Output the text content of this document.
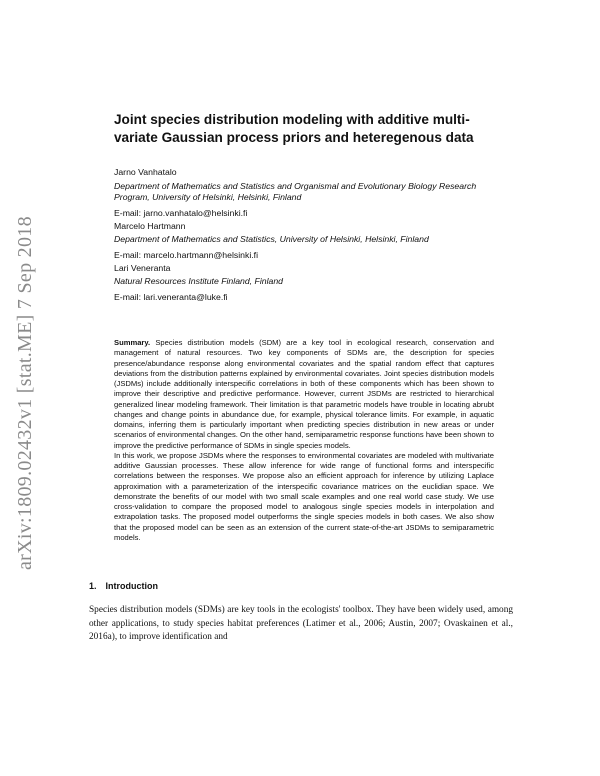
arXiv:1809.02432v1 [stat.ME] 7 Sep 2018
Joint species distribution modeling with additive multi-
variate Gaussian process priors and heteregenous data
Jarno Vanhatalo
Department of Mathematics and Statistics and Organismal and Evolutionary Biology Research Program, University of Helsinki, Helsinki, Finland
E-mail: jarno.vanhatalo@helsinki.fi
Marcelo Hartmann
Department of Mathematics and Statistics, University of Helsinki, Helsinki, Finland
E-mail: marcelo.hartmann@helsinki.fi
Lari Veneranta
Natural Resources Institute Finland, Finland
E-mail: lari.veneranta@luke.fi

Summary. Species distribution models (SDM) are a key tool in ecological research, conservation and management of natural resources. Two key components of SDMs are, the description for species presence/abundance response along environmental covariates and the spatial random effect that captures deviations from the distribution patterns explained by environmental covariates. Joint species distribution models (JSDMs) include additionally interspecific correlations in both of these components which has been shown to improve their descriptive and predictive performance. However, current JSDMs are restricted to hierarchical generalized linear modeling framework. Their limitation is that parametric models have trouble in locating abrubt changes and change points in abundance due, for example, physical tolerance limits. For example, in aquatic domains, inferring them is particularly important when predicting species distribution in new areas or under scenarios of environmental changes. On the other hand, semiparametric response functions have been shown to improve the predictive performance of SDMs in single species models.

In this work, we propose JSDMs where the responses to environmental covariates are modeled with multivariate additive Gaussian processes. These allow inference for wide range of functional forms and interspecific correlations between the responses. We propose also an efficient approach for inference by utilizing Laplace approximation with a parameterization of the interspecific covariance matrices on the euclidian space. We demonstrate the benefits of our model with two small scale examples and one real world case study. We use cross-validation to compare the proposed model to analogous single species models in interpolation and extrapolation tasks. The proposed model outperforms the single species models in both cases. We also show that the proposed model can be seen as an extension of the current state-of-the-art JSDMs to semiparametric models.

1. Introduction

Species distribution models (SDMs) are key tools in the ecologists' toolbox. They have been widely used, among other applications, to study species habitat preferences (Latimer et al., 2006; Austin, 2007; Ovaskainen et al., 2016a), to improve identification and
